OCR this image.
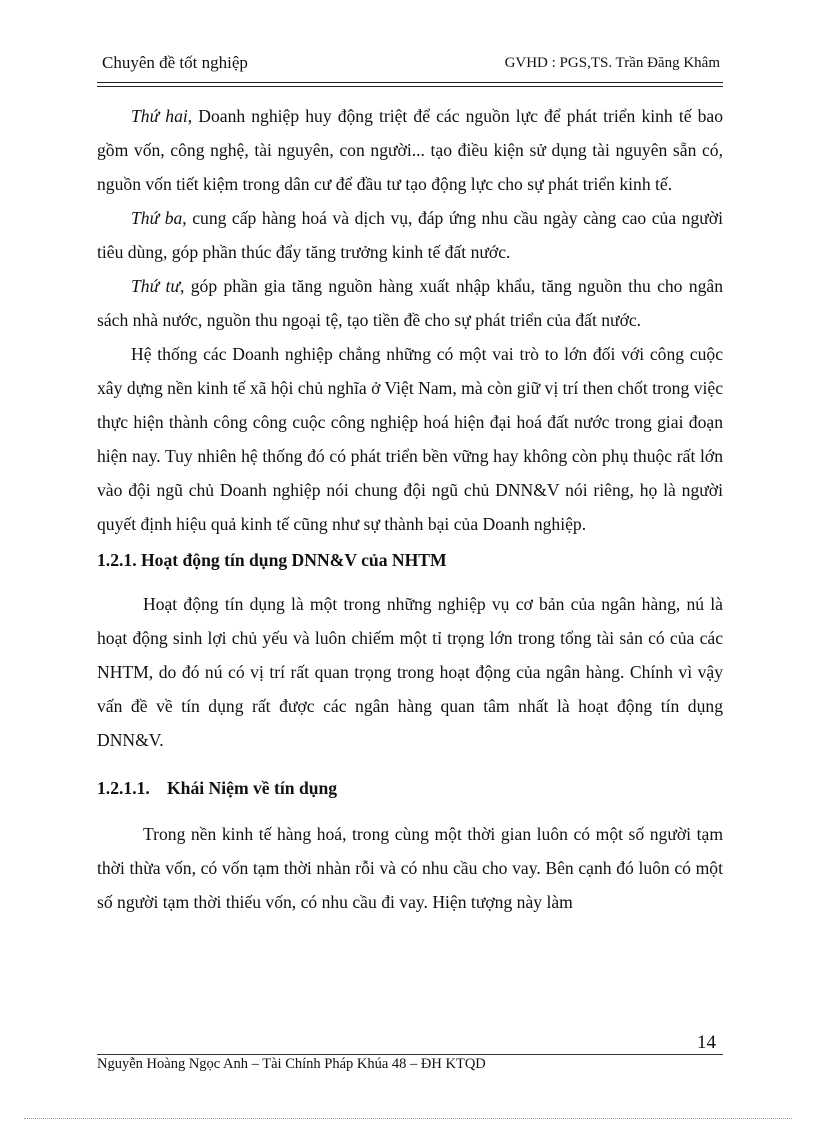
Chuyên đề tốt nghiệp	GVHD : PGS,TS. Trần Đăng Khâm

Thứ hai, Doanh nghiệp huy động triệt để các nguồn lực để phát triển kinh tế bao gồm vốn, công nghệ, tài nguyên, con người... tạo điều kiện sử dụng tài nguyên sẵn có, nguồn vốn tiết kiệm trong dân cư để đầu tư tạo động lực cho sự phát triển kinh tế.

Thứ ba, cung cấp hàng hoá và dịch vụ, đáp ứng nhu cầu ngày càng cao của người tiêu dùng, góp phần thúc đẩy tăng trưởng kinh tế đất nước.

Thứ tư, góp phần gia tăng nguồn hàng xuất nhập khẩu, tăng nguồn thu cho ngân sách nhà nước, nguồn thu ngoại tệ, tạo tiền đề cho sự phát triển của đất nước.

Hệ thống các Doanh nghiệp chẳng những có một vai trò to lớn đối với công cuộc xây dựng nền kinh tế xã hội chủ nghĩa ở Việt Nam, mà còn giữ vị trí then chốt trong việc thực hiện thành công công cuộc công nghiệp hoá hiện đại hoá đất nước trong giai đoạn hiện nay. Tuy nhiên hệ thống đó có phát triển bền vững hay không còn phụ thuộc rất lớn vào đội ngũ chủ Doanh nghiệp nói chung đội ngũ chủ DNN&V nói riêng, họ là người quyết định hiệu quả kinh tế cũng như sự thành bại của Doanh nghiệp.

1.2.1. Hoạt động tín dụng DNN&V của NHTM

Hoạt động tín dụng là một trong những nghiệp vụ cơ bản của ngân hàng, nú là hoạt động sinh lợi chủ yếu và luôn chiếm một tỉ trọng lớn trong tổng tài sản có của các NHTM, do đó nú có vị trí rất quan trọng trong hoạt động của ngân hàng. Chính vì vậy vấn đề về tín dụng rất được các ngân hàng quan tâm nhất là hoạt động tín dụng DNN&V.

1.2.1.1. Khái Niệm về tín dụng

Trong nền kinh tế hàng hoá, trong cùng một thời gian luôn có một số người tạm thời thừa vốn, có vốn tạm thời nhàn rỗi và có nhu cầu cho vay. Bên cạnh đó luôn có một số người tạm thời thiếu vốn, có nhu cầu đi vay. Hiện tượng này làm

14
Nguyễn Hoàng Ngọc Anh – Tài Chính Pháp Khúa 48 – ĐH KTQD
